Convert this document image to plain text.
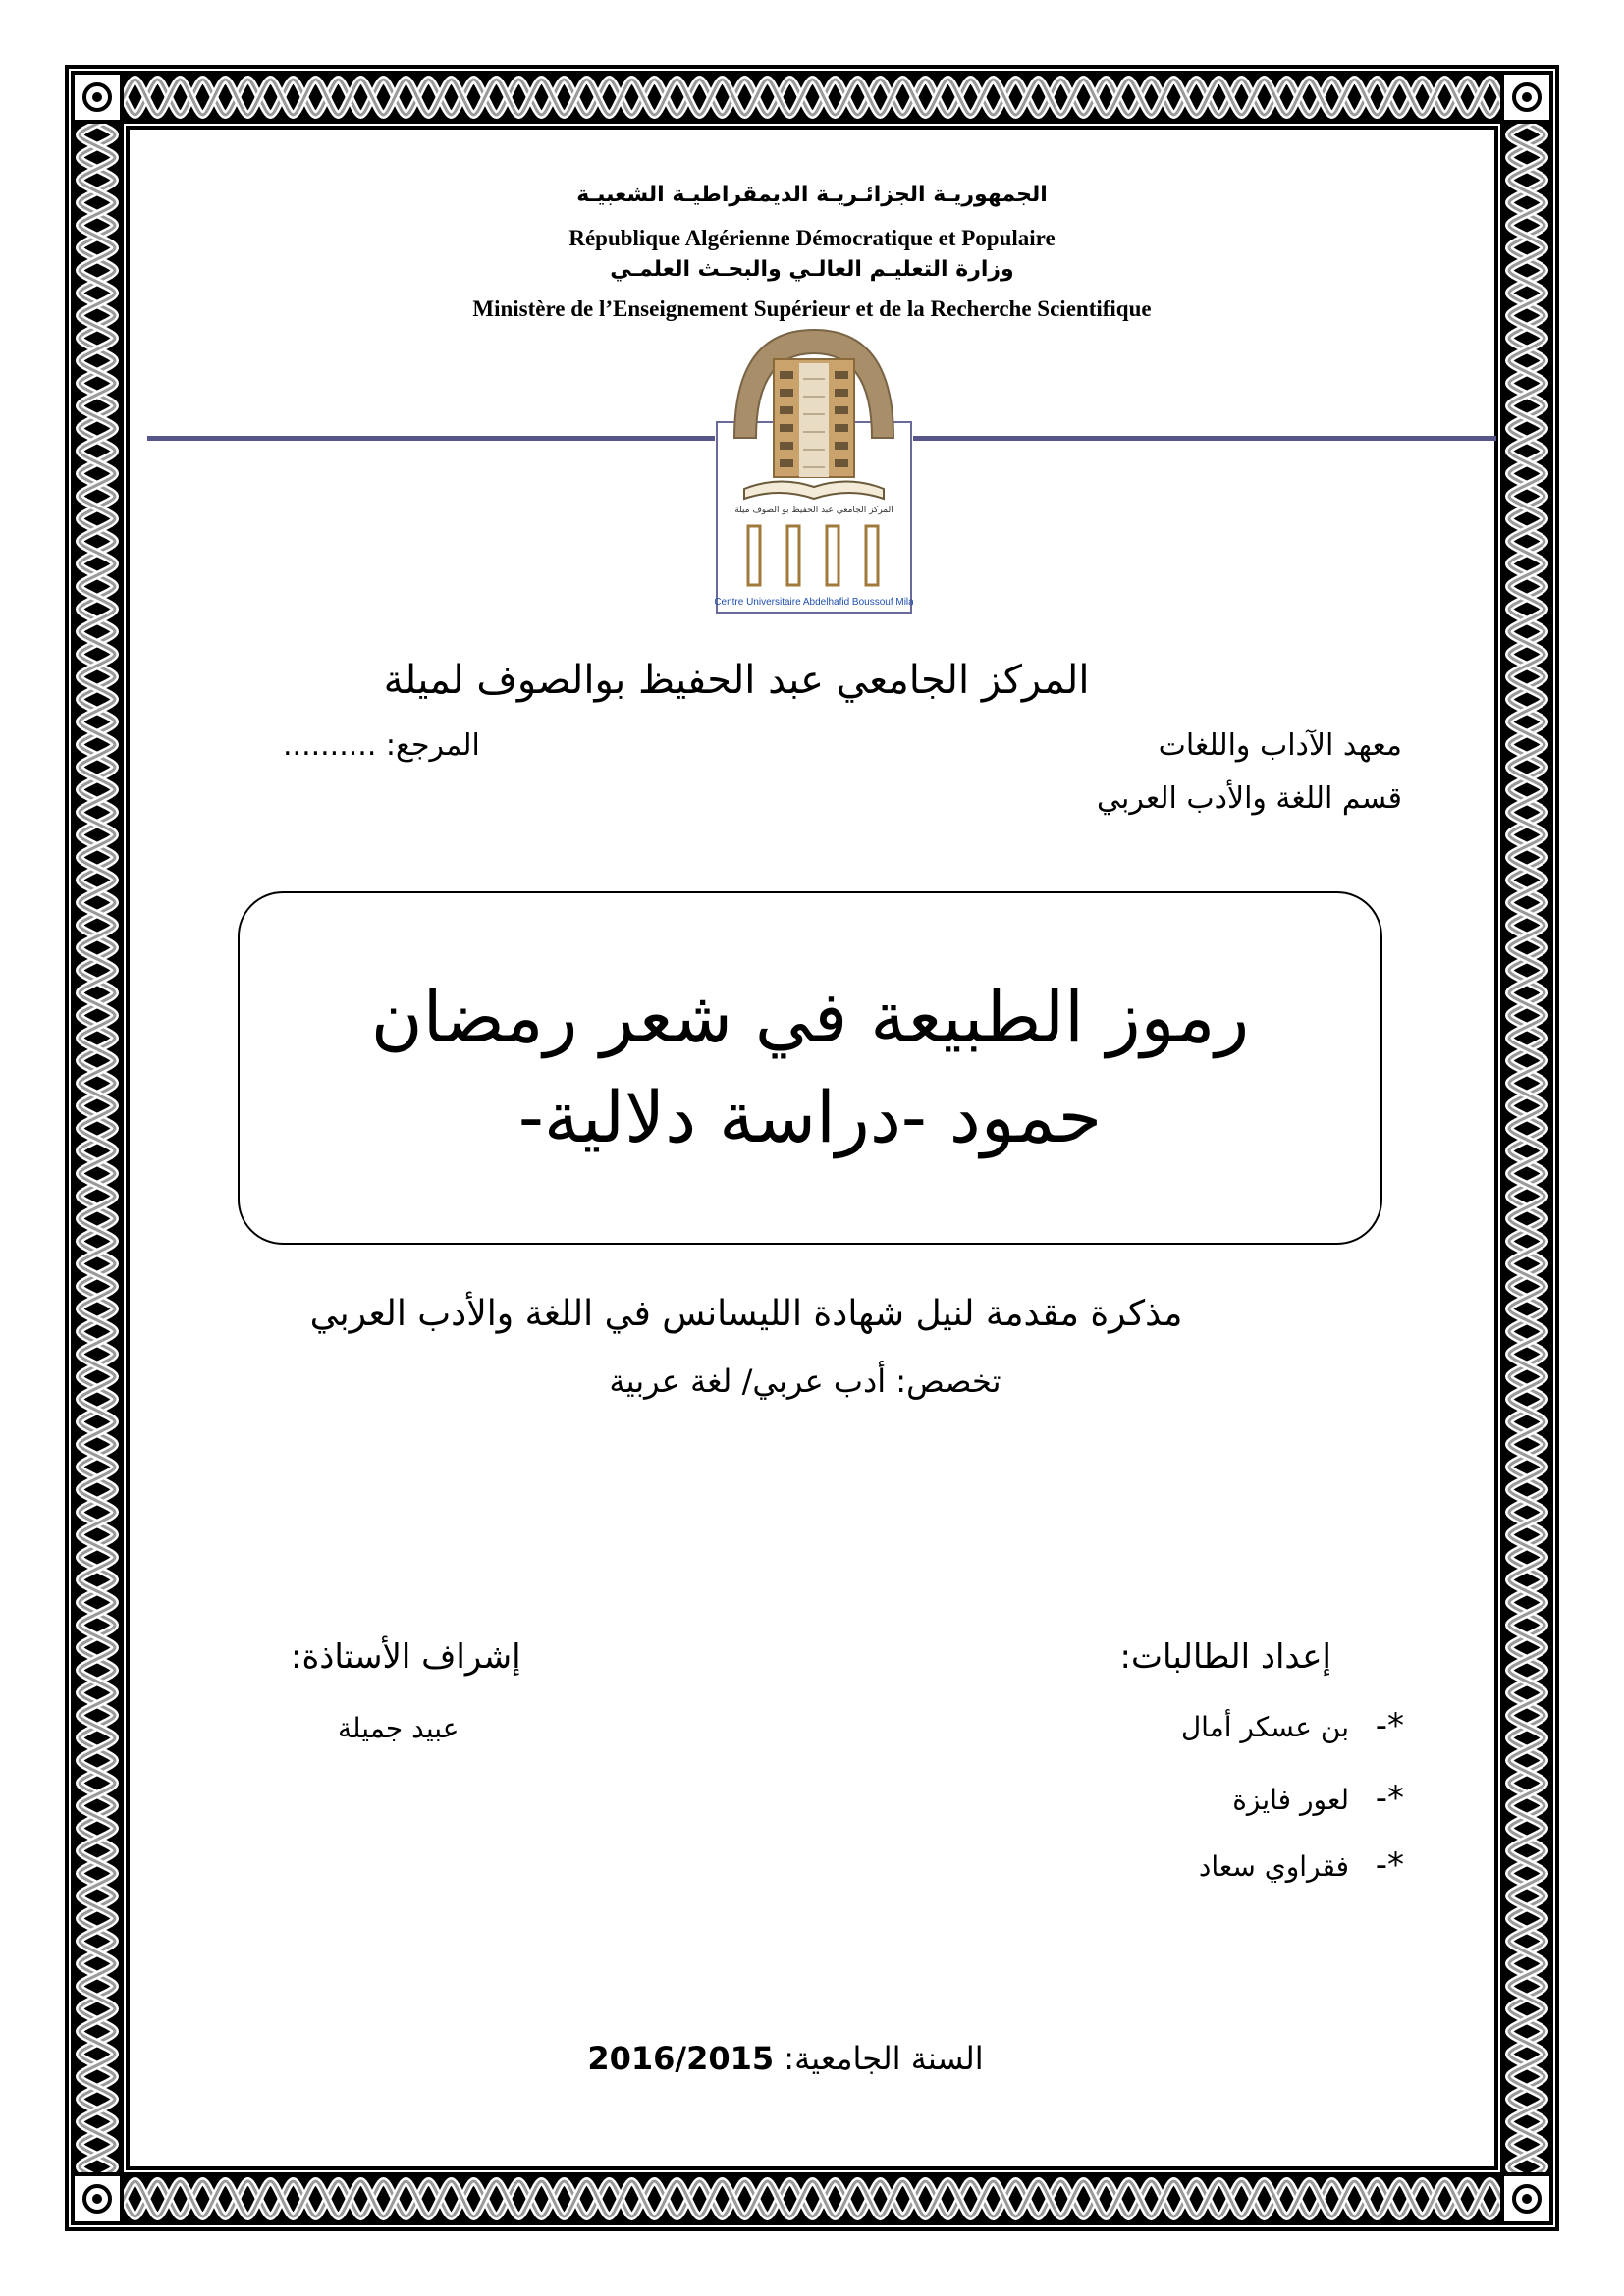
الجمهوريـة الجزائـريـة الديمقراطيـة الشعبيـة
République Algérienne Démocratique et Populaire
وزارة التعليـم العالـي والبحـث العلمـي
Ministère de l’Enseignement Supérieur et de la Recherche Scientifique
المركز الجامعي عبد الحفيظ بو الصوف ميلة
Centre Universitaire Abdelhafid Boussouf Mila
المركز الجامعي عبد الحفيظ بوالصوف لميلة
معهد الآداب واللغات
المرجع: ..........
قسم اللغة والأدب العربي
رموز الطبيعة في شعر رمضان
حمود -دراسة دلالية-
مذكرة مقدمة لنيل شهادة الليسانس في اللغة والأدب العربي
تخصص: أدب عربي/ لغة عربية
إعداد الطالبات:
إشراف الأستاذة:
*-   بن عسكر أمال
*-   لعور فايزة
*-   فقراوي سعاد
عبيد جميلة
السنة الجامعية: 2016/2015
